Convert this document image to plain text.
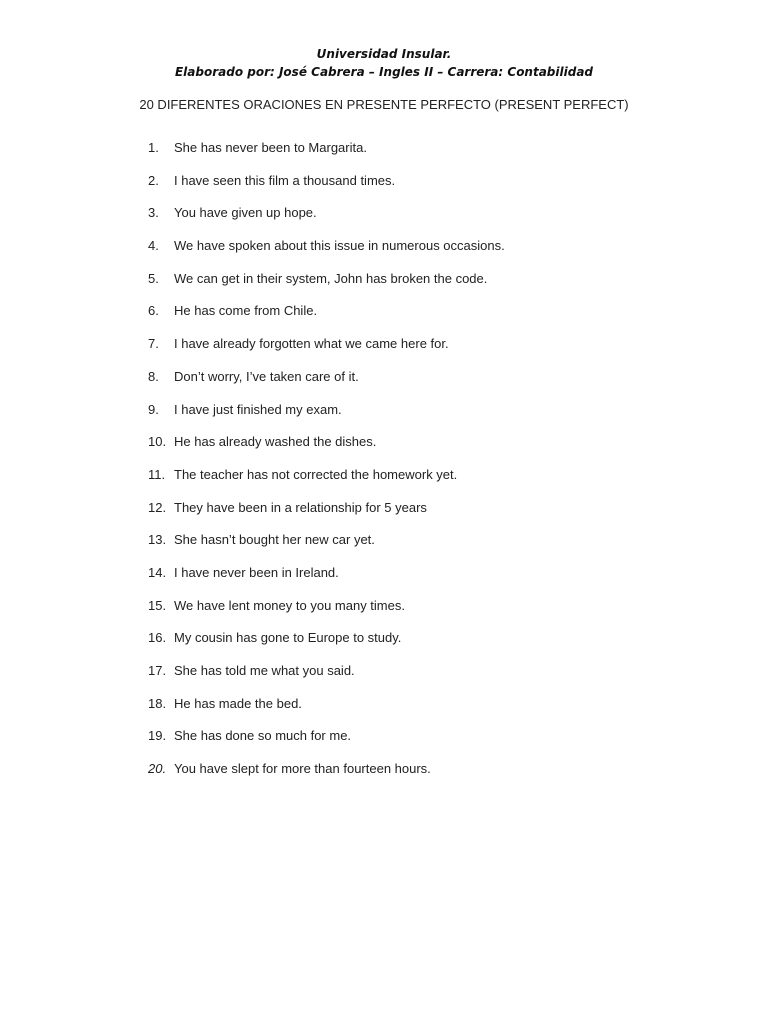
Universidad Insular.
Elaborado por: José Cabrera – Ingles II – Carrera: Contabilidad
20 DIFERENTES ORACIONES EN PRESENTE PERFECTO (PRESENT PERFECT)
1.	She has never been to Margarita.
2.	I have seen this film a thousand times.
3.	You have given up hope.
4.	We have spoken about this issue in numerous occasions.
5.	We can get in their system, John has broken the code.
6.	He has come from Chile.
7.	I have already forgotten what we came here for.
8.	Don’t worry, I’ve taken care of it.
9.	I have just finished my exam.
10. He has already washed the dishes.
11. The teacher has not corrected the homework yet.
12. They have been in a relationship for 5 years
13. She hasn’t bought her new car yet.
14. I have never been in Ireland.
15. We have lent money to you many times.
16. My cousin has gone to Europe to study.
17. She has told me what you said.
18. He has made the bed.
19. She has done so much for me.
20. You have slept for more than fourteen hours.
